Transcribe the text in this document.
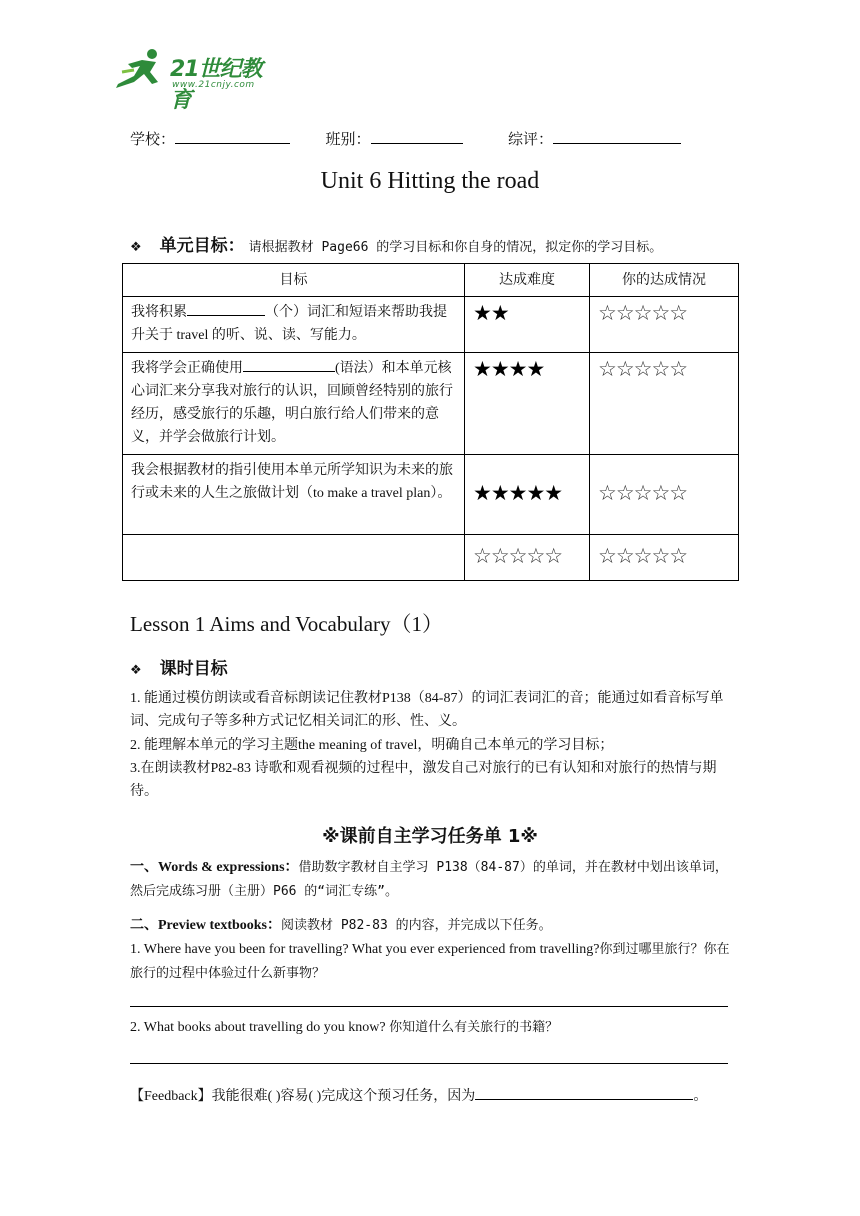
21世纪教育
www.21cnjy.com
学校：	班别：	综评：
Unit 6 Hitting the road
❖ 单元目标： 请根据教材 Page66 的学习目标和你自身的情况，拟定你的学习目标。
目标	达成难度	你的达成情况
我将积累 （个）词汇和短语来帮助我提升关于 travel 的听、说、读、写能力。	★★	☆☆☆☆☆
我将学会正确使用 (语法）和本单元核心词汇来分享我对旅行的认识，回顾曾经特别的旅行经历，感受旅行的乐趣，明白旅行给人们带来的意义，并学会做旅行计划。	★★★★	☆☆☆☆☆
我会根据教材的指引使用本单元所学知识为未来的旅行或未来的人生之旅做计划（to make a travel plan）。	★★★★★	☆☆☆☆☆
	☆☆☆☆☆	☆☆☆☆☆
Lesson 1 Aims and Vocabulary（1）
❖ 课时目标
1. 能通过模仿朗读或看音标朗读记住教材P138（84-87）的词汇表词汇的音；能通过如看音标写单词、完成句子等多种方式记忆相关词汇的形、性、义。
2. 能理解本单元的学习主题the meaning of travel，明确自己本单元的学习目标；
3.在朗读教材P82-83 诗歌和观看视频的过程中，激发自己对旅行的已有认知和对旅行的热情与期待。
※课前自主学习任务单 1※
一、Words & expressions：借助数字教材自主学习 P138（84-87）的单词，并在教材中划出该单词，然后完成练习册（主册）P66 的“词汇专练”。
二、Preview textbooks：阅读教材 P82-83 的内容，并完成以下任务。
1. Where have you been for travelling? What you ever experienced from travelling?你到过哪里旅行？你在旅行的过程中体验过什么新事物？
2. What books about travelling do you know? 你知道什么有关旅行的书籍？
【Feedback】我能很难( )容易( )完成这个预习任务，因为	。
